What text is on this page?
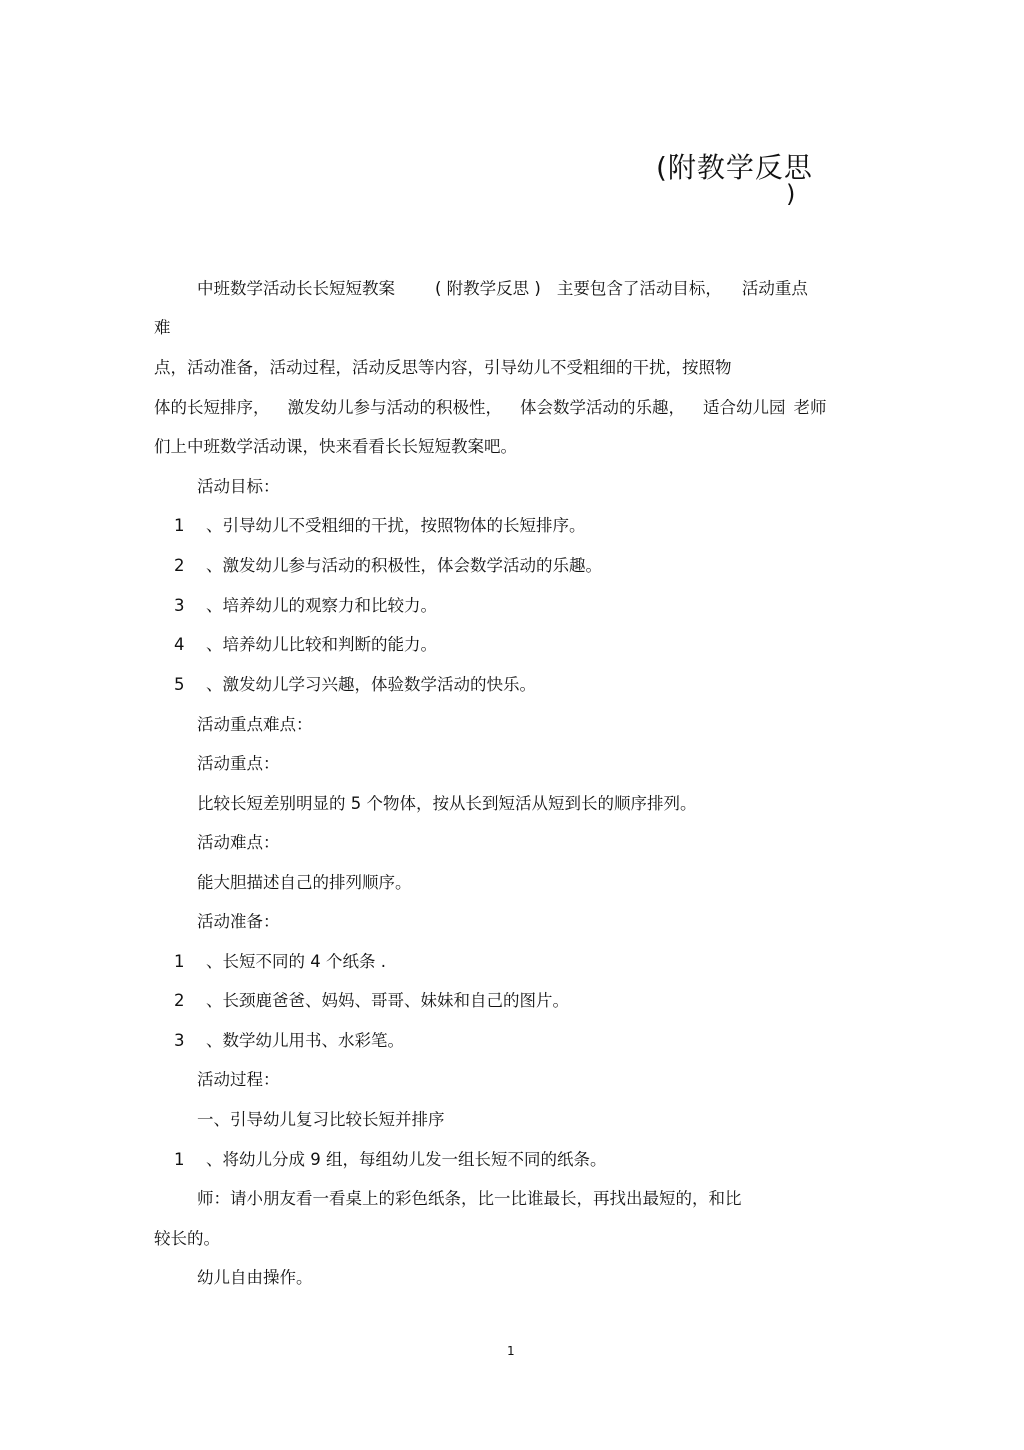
(附教学反思
)
中班数学活动长长短短教案 ( 附教学反思 ) 主要包含了活动目标， 活动重点
难
点，活动准备，活动过程，活动反思等内容，引导幼儿不受粗细的干扰，按照物
体的长短排序， 激发幼儿参与活动的积极性， 体会数学活动的乐趣， 适合幼儿园 老师
们上中班数学活动课，快来看看长长短短教案吧。
活动目标：
1 、引导幼儿不受粗细的干扰，按照物体的长短排序。
2 、激发幼儿参与活动的积极性，体会数学活动的乐趣。
3 、培养幼儿的观察力和比较力。
4 、培养幼儿比较和判断的能力。
5 、激发幼儿学习兴趣，体验数学活动的快乐。
活动重点难点：
活动重点：
比较长短差别明显的 5 个物体，按从长到短活从短到长的顺序排列。
活动难点：
能大胆描述自己的排列顺序。
活动准备：
1 、长短不同的 4 个纸条 .
2 、长颈鹿爸爸、妈妈、哥哥、妹妹和自己的图片。
3 、数学幼儿用书、水彩笔。
活动过程：
一、引导幼儿复习比较长短并排序
1 、将幼儿分成 9 组，每组幼儿发一组长短不同的纸条。
师：请小朋友看一看桌上的彩色纸条，比一比谁最长，再找出最短的，和比
较长的。
幼儿自由操作。
1
